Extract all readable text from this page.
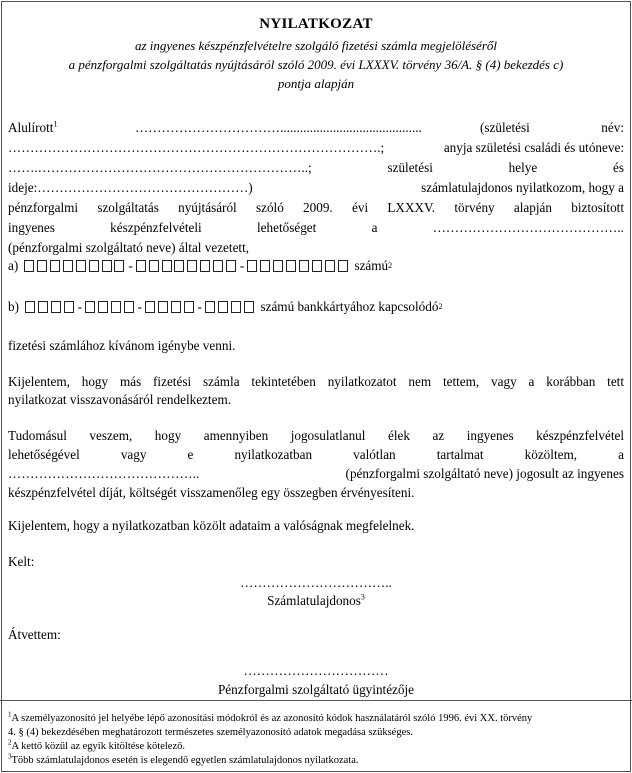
NYILATKOZAT
az ingyenes készpénzfelvételre szolgáló fizetési számla megjelöléséről
a pénzforgalmi szolgáltatás nyújtásáról szóló 2009. évi LXXXV. törvény 36/A. § (4) bekezdés c)
pontja alapján
Alulírott$^1$	……………………………...........................................	(születési	név:
………………………………………………………………………….;	anyja születési családi és utóneve:
…….……………………………………………………..;	születési	helye	és
ideje:…………………………………………)	számlatulajdonos nyilatkozom, hogy a
pénzforgalmi szolgáltatás nyújtásáról szóló 2009. évi LXXXV. törvény alapján biztosított
ingyenes	készpénzfelvételi	lehetőséget	a	……………………………………..
(pénzforgalmi szolgáltató neve) által vezetett,
a)	-	-	számú 2
b)	-	-	-	számú bankkártyához kapcsolódó 2
fizetési számlához kívánom igénybe venni.
Kijelentem, hogy más fizetési számla tekintetében nyilatkozatot nem tettem, vagy a korábban tett
nyilatkozat visszavonásáról rendelkeztem.
Tudomásul veszem, hogy amennyiben jogosulatlanul élek az ingyenes készpénzfelvétel
lehetőségével	vagy	e	nyilatkozatban	valótlan	tartalmat	közöltem,	a
……………………………………..	(pénzforgalmi szolgáltató neve) jogosult az ingyenes
készpénzfelvétel díját, költségét visszamenőleg egy összegben érvényesíteni.
Kijelentem, hogy a nyilatkozatban közölt adataim a valóságnak megfelelnek.
Kelt:
……………………………..
Számlatulajdonos$^3$
Átvettem:
……………………………
Pénzforgalmi szolgáltató ügyintézője
$^1$A személyazonosító jel helyébe lépő azonosítási módokról és az azonosító kódok használatáról szóló 1996. évi XX. törvény
4. § (4) bekezdésében meghatározott természetes személyazonosító adatok megadása szükséges.
$^2$A kettő közül az egyik kitöltése kötelező.
$^3$Több számlatulajdonos esetén is elegendő egyetlen számlatulajdonos nyilatkozata.
